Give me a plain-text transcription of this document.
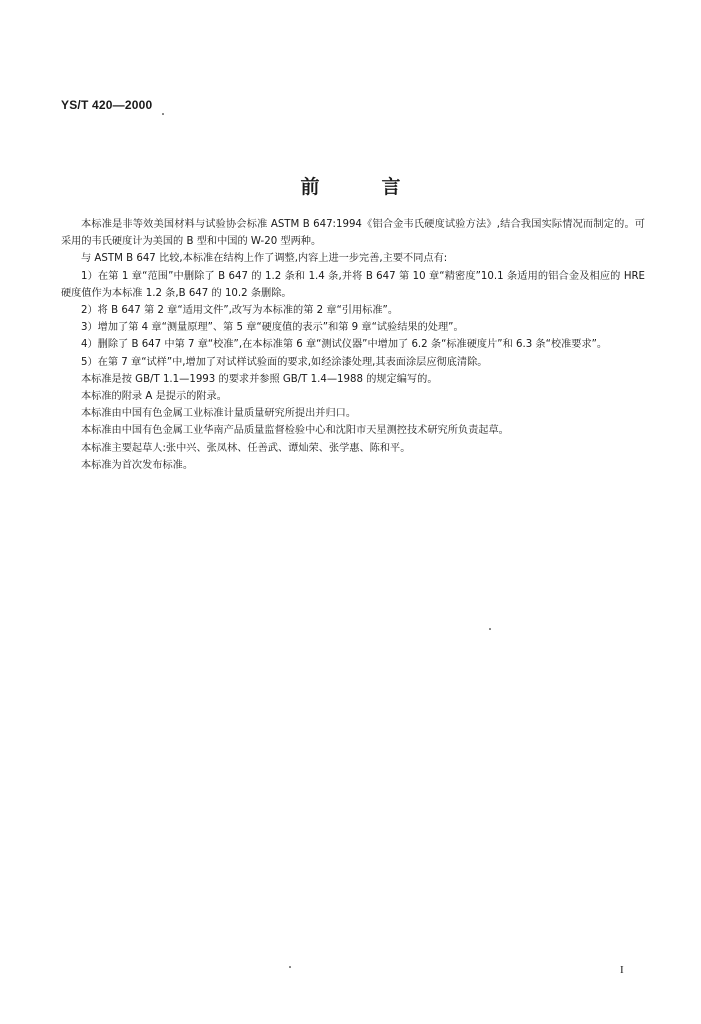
YS/T 420—2000
前言

本标准是非等效美国材料与试验协会标准 ASTM B 647:1994《铝合金韦氏硬度试验方法》,结合我国实际情况而制定的。可采用的韦氏硬度计为美国的 B 型和中国的 W-20 型两种。

与 ASTM B 647 比较,本标准在结构上作了调整,内容上进一步完善,主要不同点有:

1）在第 1 章“范围”中删除了 B 647 的 1.2 条和 1.4 条,并将 B 647 第 10 章“精密度”10.1 条适用的铝合金及相应的 HRE 硬度值作为本标准 1.2 条,B 647 的 10.2 条删除。

2）将 B 647 第 2 章“适用文件”,改写为本标准的第 2 章“引用标准”。

3）增加了第 4 章“测量原理”、第 5 章“硬度值的表示”和第 9 章“试验结果的处理”。

4）删除了 B 647 中第 7 章“校准”,在本标准第 6 章“测试仪器”中增加了 6.2 条“标准硬度片”和 6.3 条“校准要求”。

5）在第 7 章“试样”中,增加了对试样试验面的要求,如经涂漆处理,其表面涂层应彻底清除。

本标准是按 GB/T 1.1—1993 的要求并参照 GB/T 1.4—1988 的规定编写的。

本标准的附录 A 是提示的附录。

本标准由中国有色金属工业标准计量质量研究所提出并归口。

本标准由中国有色金属工业华南产品质量监督检验中心和沈阳市天星测控技术研究所负责起草。

本标准主要起草人:张中兴、张凤林、任善武、谭灿荣、张学惠、陈和平。

本标准为首次发布标准。

I
